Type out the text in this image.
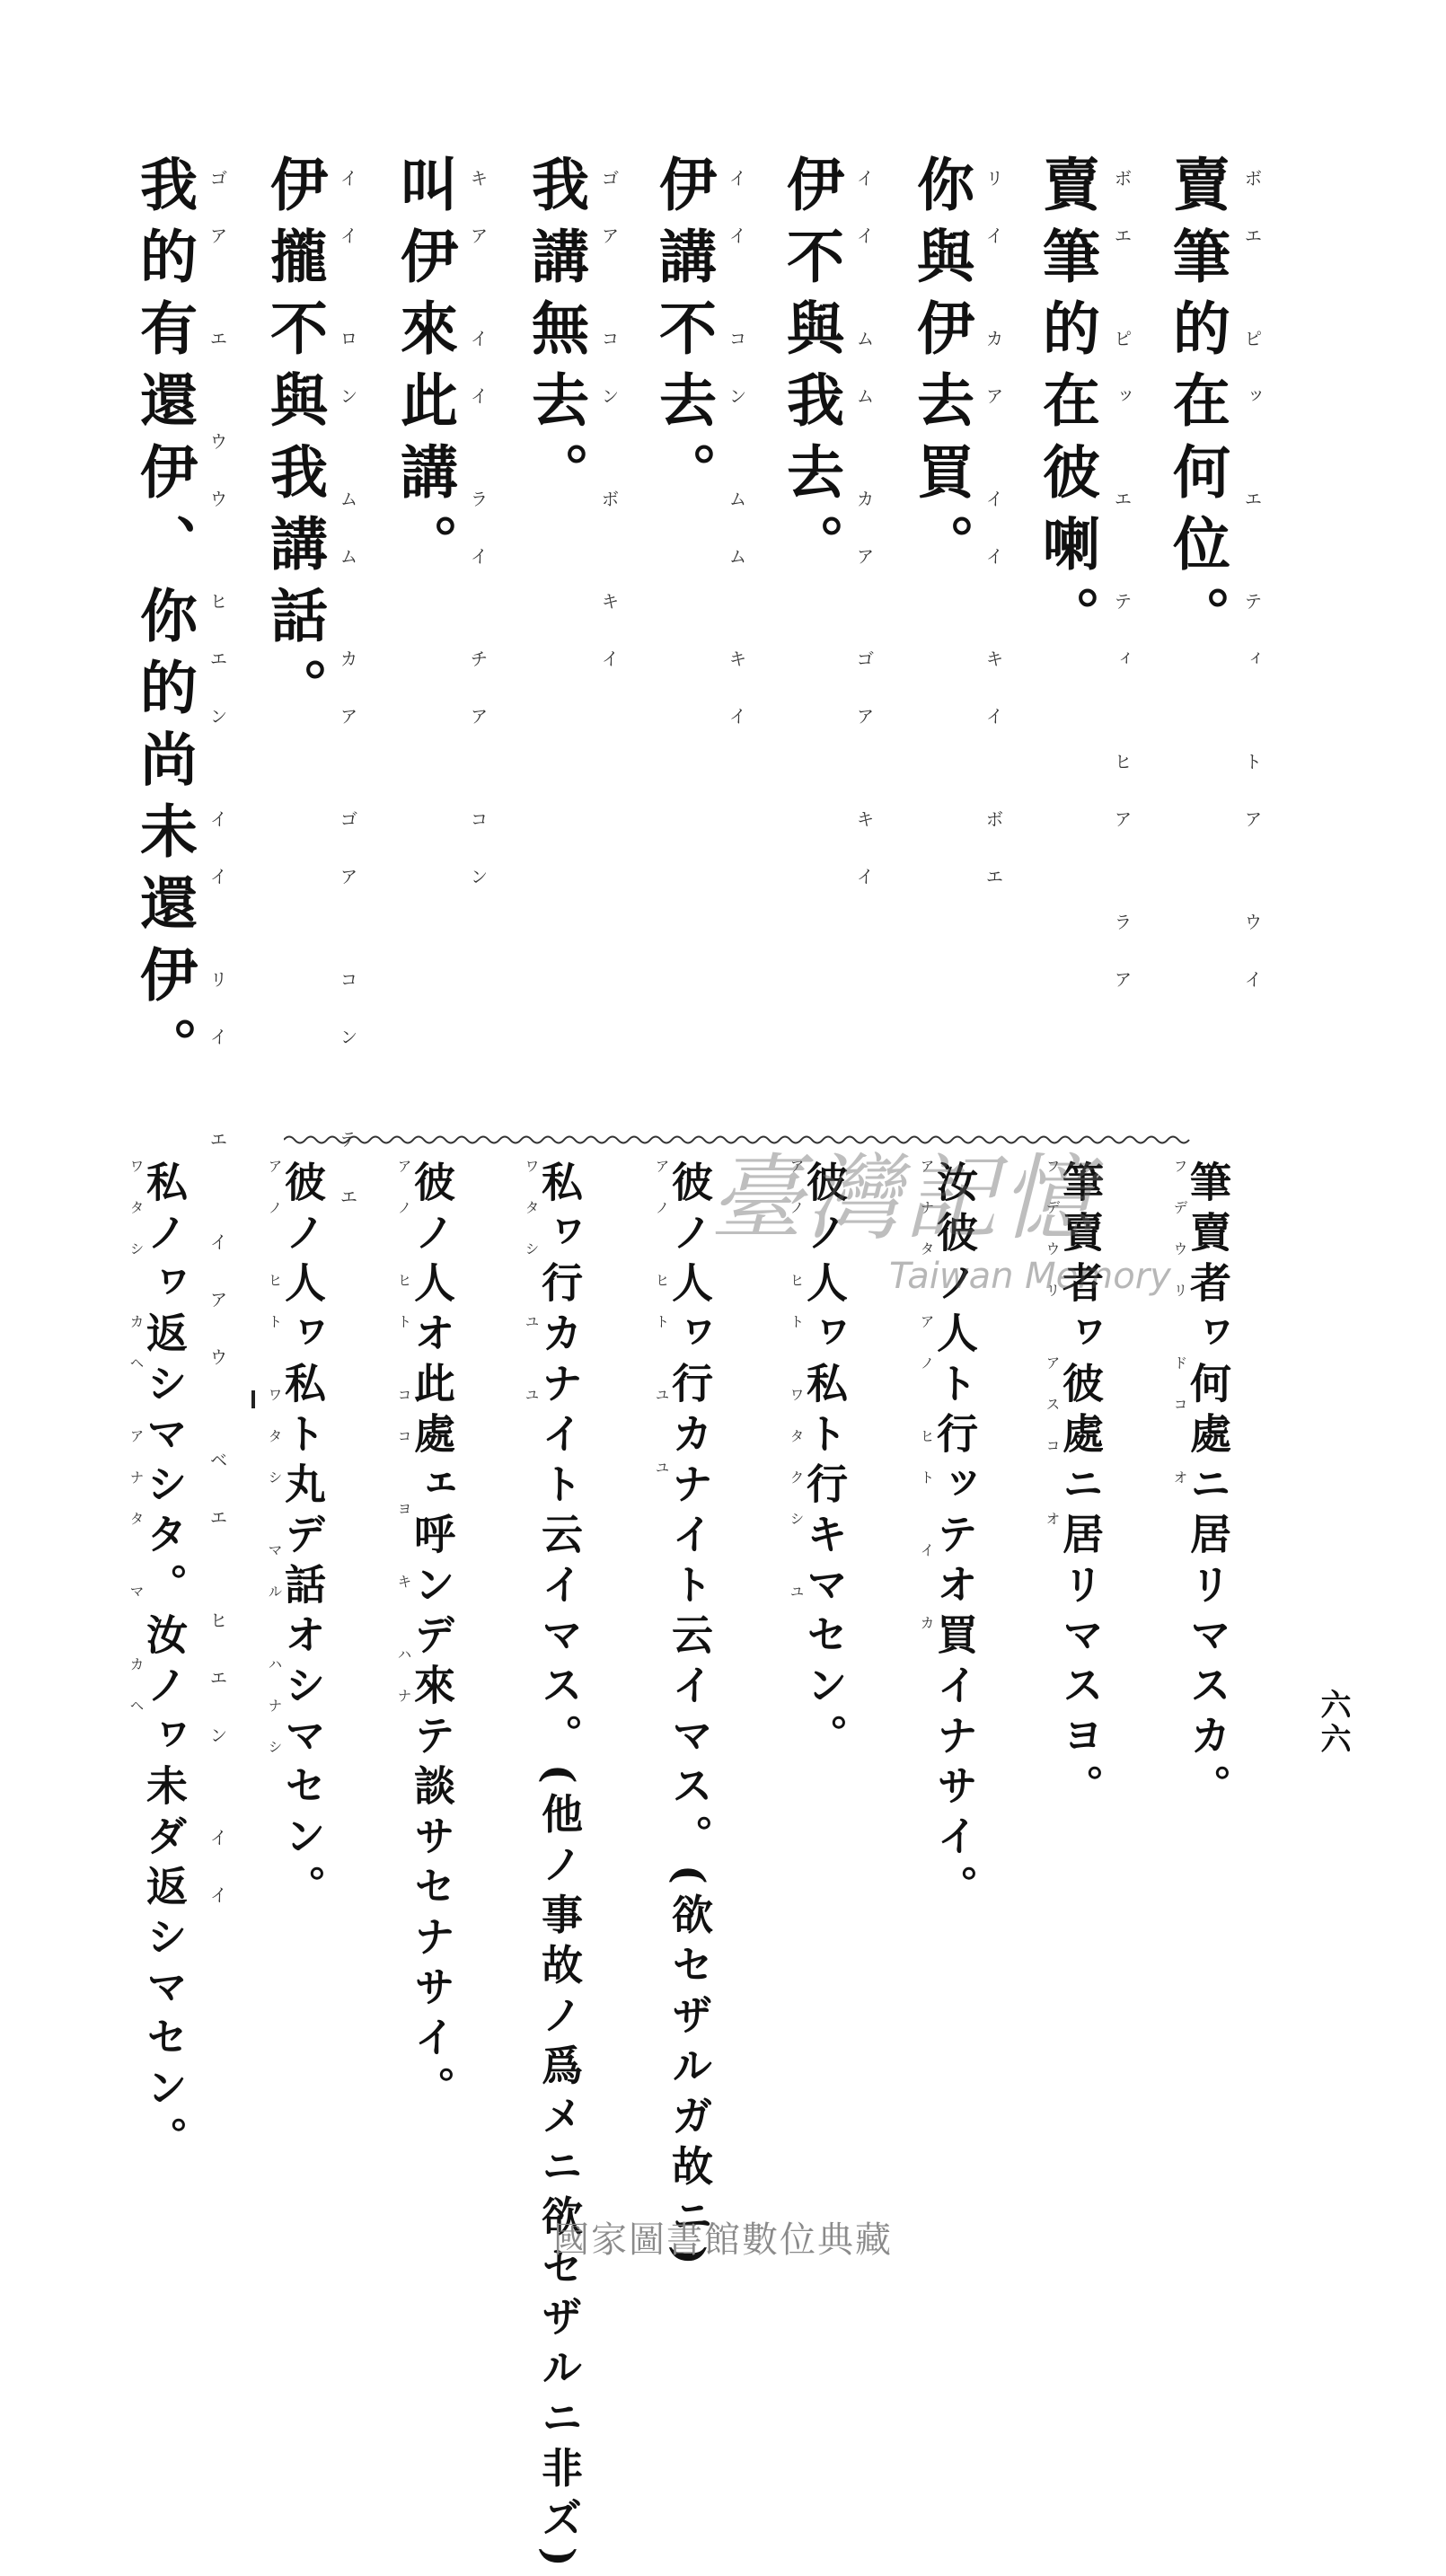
賣筆的在何位。 ボエ ピッ エ ティ トア ウイ
賣筆的在彼喇。 ボエ ピッ エ ティ ヒア ラア
你與伊去買。 リイ カア イイ キイ ボエ
伊不與我去。 イイ ムム カア ゴア キイ
伊講不去。 イイ コン ムム キイ
我講無去。 ゴア コン ボ キイ
叫伊來此講。 キア イイ ライ チア コン
伊攏不與我講話。 イイ ロン ムム カア ゴア コン テエ
我的有還伊、你的尚未還伊。 ゴア エ ウウ ヒエン イイ リイ エ イアウ ベエ ヒエン イイ	筆賣者ヮ何處ニ居リマスカ。
フデウリ ドコ オ
筆賣者ヮ彼處ニ居リマスヨ。
フデウリ アスコ オ
汝彼ノ人ト行ッテオ買イナサイ。
アナタ アノ ヒト イ カ
彼ノ人ヮ私ト行キマセン。
アノ ヒト ワタクシ ユ
彼ノ人ヮ行カナイト云イマス。(欲セザルガ故ニ)
アノ ヒト ユ ユ
私ヮ行カナイト云イマス。(他ノ事故ノ爲メニ欲セザルニ非ズ)
ワタシ ユ ユ
彼ノ人オ此處ェ呼ンデ來テ談サセナサイ。
アノ ヒト ココ ヨ キ ハナ
彼ノ人ヮ私ト丸デ話オシマセン。
アノ ヒト ワタシ マル ハナシ
私ノヮ返シマシタ。汝ノヮ未ダ返シマセン。
ワタシ カヘ アナタ マ カヘ	六六
臺灣記憶
Taiwan Memory
國家圖書館數位典藏
